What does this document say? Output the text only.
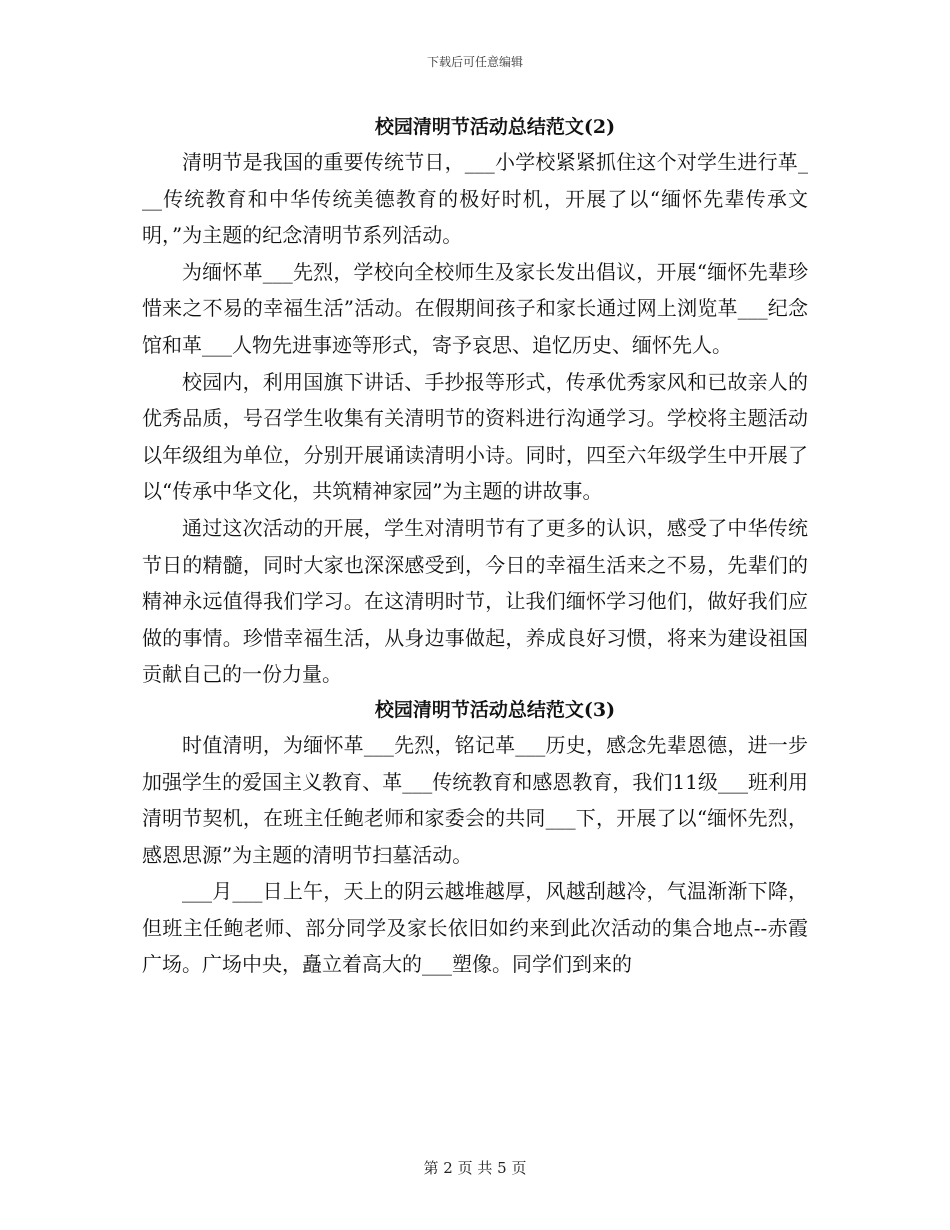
下载后可任意编辑
校园清明节活动总结范文(2)

清明节是我国的重要传统节日，___小学校紧紧抓住这个对学生进行革___传统教育和中华传统美德教育的极好时机，开展了以“缅怀先辈传承文明，”为主题的纪念清明节系列活动。

为缅怀革___先烈，学校向全校师生及家长发出倡议，开展“缅怀先辈珍惜来之不易的幸福生活”活动。在假期间孩子和家长通过网上浏览革___纪念馆和革___人物先进事迹等形式，寄予哀思、追忆历史、缅怀先人。

校园内，利用国旗下讲话、手抄报等形式，传承优秀家风和已故亲人的优秀品质，号召学生收集有关清明节的资料进行沟通学习。学校将主题活动以年级组为单位，分别开展诵读清明小诗。同时，四至六年级学生中开展了以“传承中华文化，共筑精神家园”为主题的讲故事。

通过这次活动的开展，学生对清明节有了更多的认识，感受了中华传统节日的精髓，同时大家也深深感受到，今日的幸福生活来之不易，先辈们的精神永远值得我们学习。在这清明时节，让我们缅怀学习他们，做好我们应做的事情。珍惜幸福生活，从身边事做起，养成良好习惯，将来为建设祖国贡献自己的一份力量。

校园清明节活动总结范文(3)

时值清明，为缅怀革___先烈，铭记革___历史，感念先辈恩德，进一步加强学生的爱国主义教育、革___传统教育和感恩教育，我们11级___班利用清明节契机，在班主任鲍老师和家委会的共同___下，开展了以“缅怀先烈，感恩思源”为主题的清明节扫墓活动。

___月___日上午，天上的阴云越堆越厚，风越刮越冷，气温渐渐下降，但班主任鲍老师、部分同学及家长依旧如约来到此次活动的集合地点--赤霞广场。广场中央，矗立着高大的___塑像。同学们到来的

第 2 页 共 5 页
